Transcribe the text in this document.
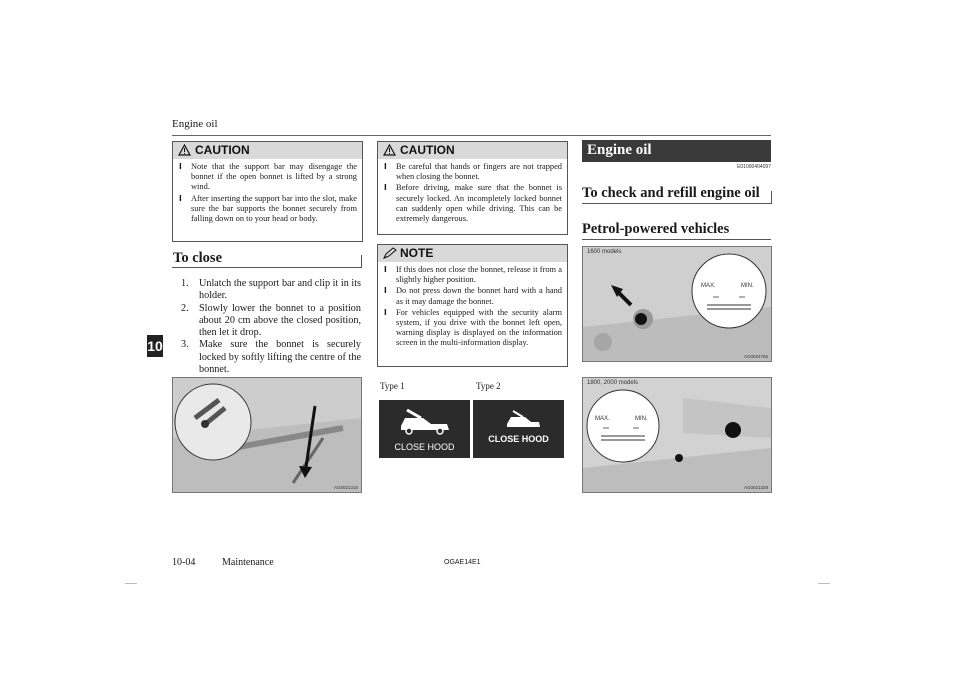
Engine oil
10
CAUTION
l Note that the support bar may disengage the bonnet if the open bonnet is lifted by a strong wind.
l After inserting the support bar into the slot, make sure the bar supports the bonnet securely from falling down on to your head or body.
To close
1. Unlatch the support bar and clip it in its holder.
2. Slowly lower the bonnet to a position about 20 cm above the closed position, then let it drop.
3. Make sure the bonnet is securely locked by softly lifting the centre of the bonnet.
AG0021315
CAUTION
l Be careful that hands or fingers are not trapped when closing the bonnet.
l Before driving, make sure that the bonnet is securely locked. An incompletely locked bonnet can suddenly open while driving. This can be extremely dangerous.
NOTE
l If this does not close the bonnet, release it from a slightly higher position.
l Do not press down the bonnet hard with a hand as it may damage the bonnet.
l For vehicles equipped with the security alarm system, if you drive with the bonnet left open, warning display is displayed on the information screen in the multi-information display.
Type 1	Type 2
CLOSE HOOD
CLOSE HOOD
Engine oil
E01000404097
To check and refill engine oil
Petrol-powered vehicles
1600 models
MAX.	MIN.
AG0024765
1800, 2000 models
MAX.	MIN.
AG0021328
10-04	Maintenance	OGAE14E1
